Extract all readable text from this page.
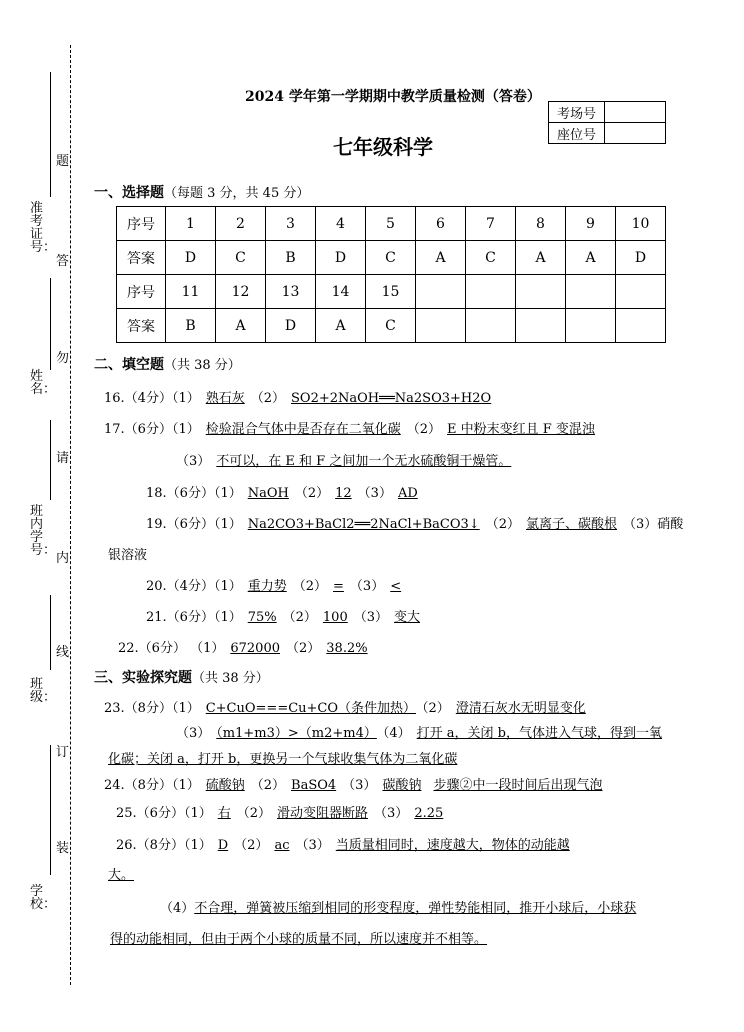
准考证号：
姓 名：
班内学号：
班 级：
学 校：
题
答
勿
请
内
线
订
装
2024 学年第一学期期中教学质量检测（答卷）
七年级科学
考场号	
座位号	
一、选择题（每题 3 分，共 45 分）
序号	1	2	3	4	5	6	7	8	9	10
答案	D	C	B	D	C	A	C	A	A	D
序号	11	12	13	14	15					
答案	B	A	D	A	C					
二、填空题（共 38 分）
16.（4分）（1） 熟石灰 （2） SO2+2NaOH══Na2SO3+H2O
17.（6分）（1） 检验混合气体中是否存在二氧化碳 （2） E 中粉末变红且 F 变混浊
（3） 不可以，在 E 和 F 之间加一个无水硫酸铜干燥管。
18.（6分）（1） NaOH （2） 12 （3） AD
19.（6分）（1） Na2CO3+BaCl2══2NaCl+BaCO3↓ （2） 氯离子、碳酸根 （3）硝酸
银溶液
20.（4分）（1） 重力势 （2） = （3） <
21.（6分）（1） 75% （2） 100 （3） 变大
22.（6分） （1） 672000 （2） 38.2%
三、实验探究题（共 38 分）
23.（8分）（1） C+CuO===Cu+CO（条件加热） （2） 澄清石灰水无明显变化
（3） （m1+m3）>（m2+m4） （4） 打开 a，关闭 b，气体进入气球，得到一氧
化碳；关闭 a，打开 b，更换另一个气球收集气体为二氧化碳
24.（8分）（1） 硫酸钠 （2） BaSO4 （3） 碳酸钠 步骤②中一段时间后出现气泡
25.（6分）（1） 右 （2） 滑动变阻器断路 （3） 2.25
26.（8分）（1） D （2） ac （3） 当质量相同时，速度越大，物体的动能越
大。
（4）不合理，弹簧被压缩到相同的形变程度，弹性势能相同，推开小球后，小球获
得的动能相同，但由于两个小球的质量不同，所以速度并不相等。
